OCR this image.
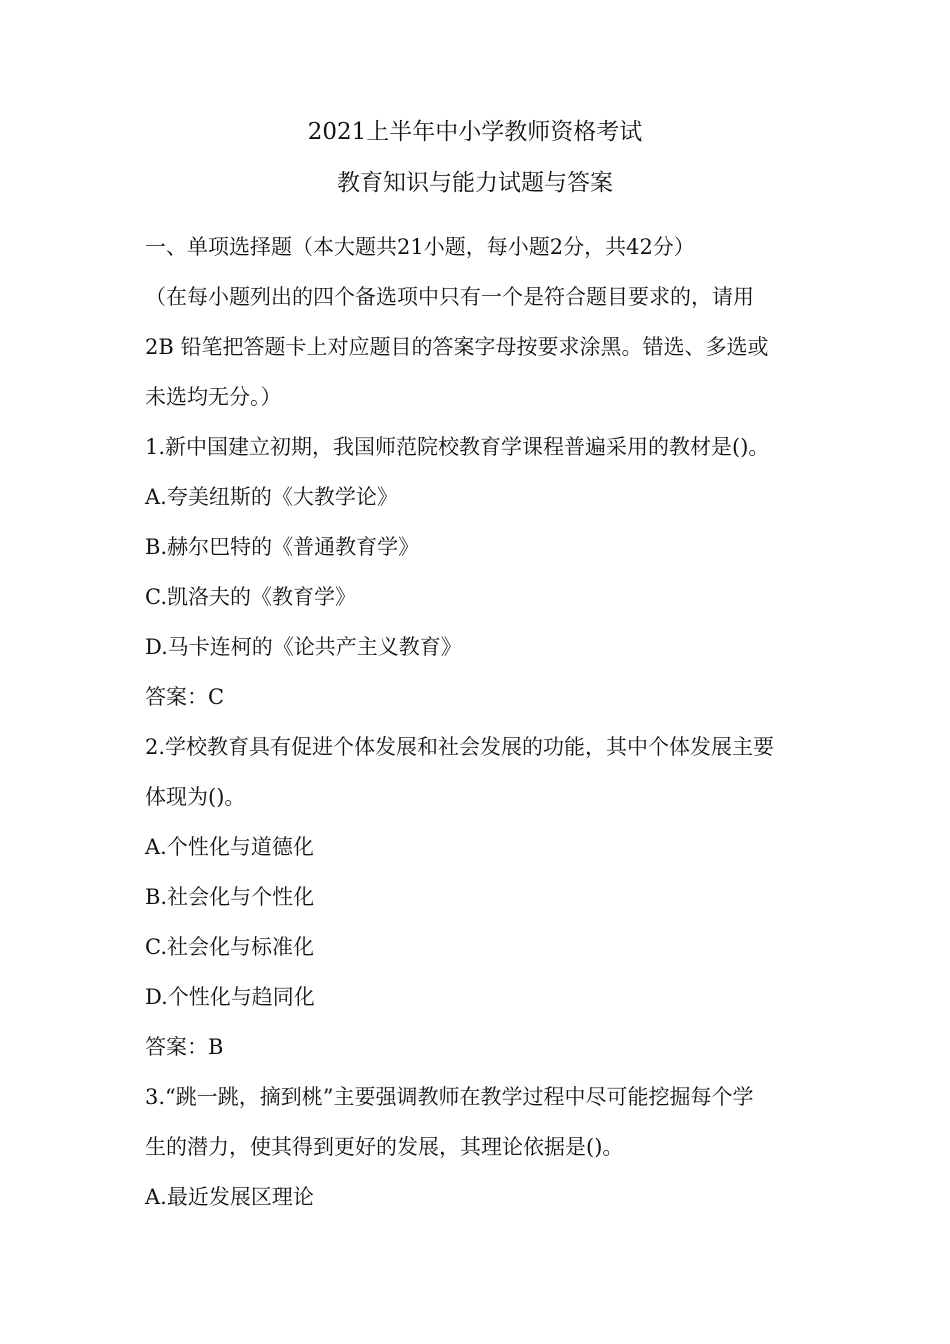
2021上半年中小学教师资格考试
教育知识与能力试题与答案
一、单项选择题（本大题共21小题，每小题2分，共42分）
（在每小题列出的四个备选项中只有一个是符合题目要求的，请用
2B 铅笔把答题卡上对应题目的答案字母按要求涂黑。错选、多选或
未选均无分。）
1.新中国建立初期，我国师范院校教育学课程普遍采用的教材是()。
A.夸美纽斯的《大教学论》
B.赫尔巴特的《普通教育学》
C.凯洛夫的《教育学》
D.马卡连柯的《论共产主义教育》
答案：C
2.学校教育具有促进个体发展和社会发展的功能，其中个体发展主要
体现为()。
A.个性化与道德化
B.社会化与个性化
C.社会化与标准化
D.个性化与趋同化
答案：B
3.“跳一跳，摘到桃”主要强调教师在教学过程中尽可能挖掘每个学
生的潜力，使其得到更好的发展，其理论依据是()。
A.最近发展区理论
